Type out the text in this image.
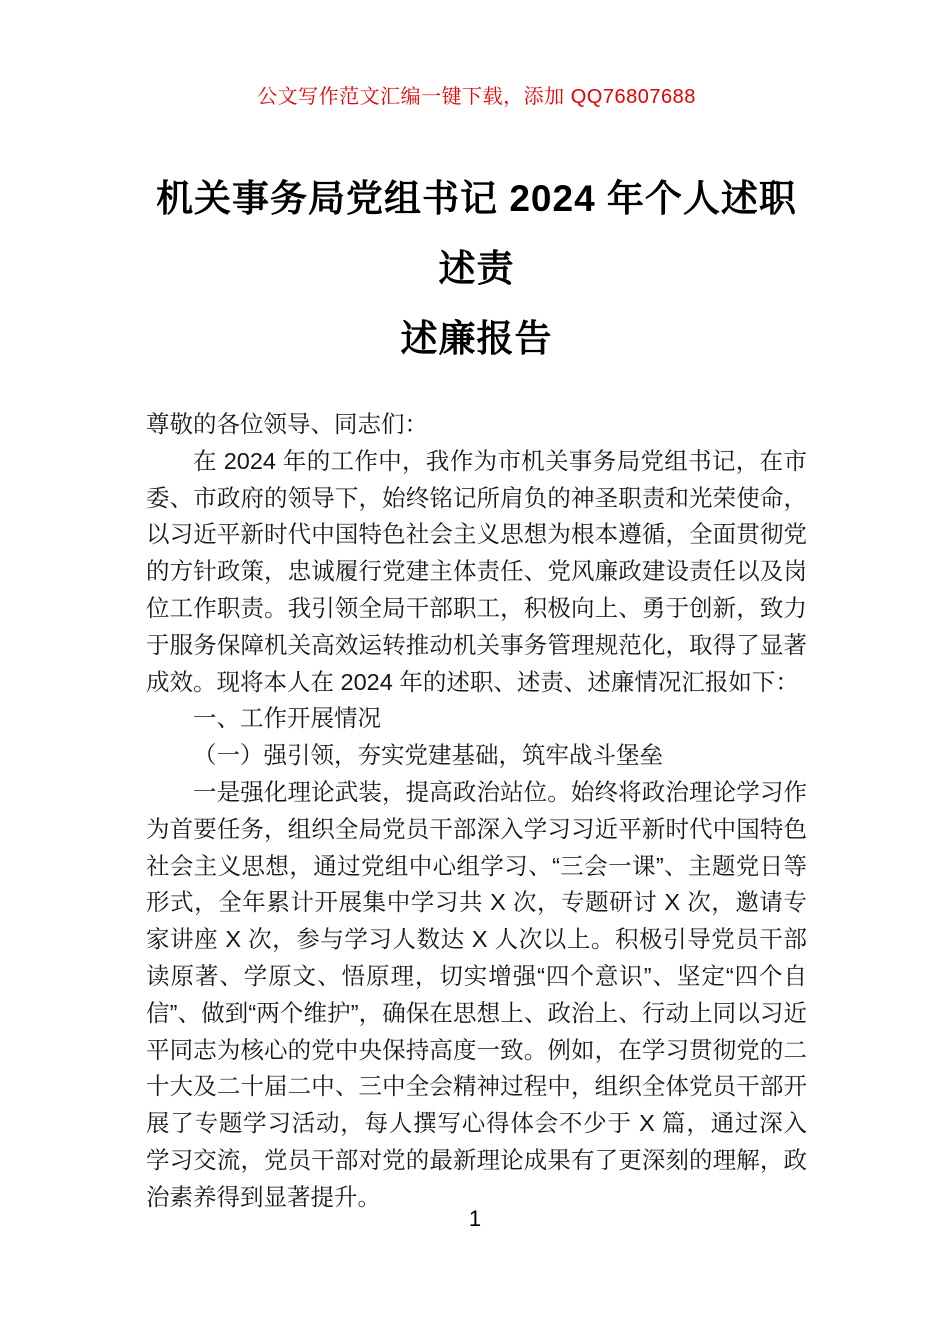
公文写作范文汇编一键下载，添加 QQ76807688
机关事务局党组书记 2024 年个人述职述责
述廉报告

尊敬的各位领导、同志们：

在 2024 年的工作中，我作为市机关事务局党组书记，在市委、市政府的领导下，始终铭记所肩负的神圣职责和光荣使命，以习近平新时代中国特色社会主义思想为根本遵循，全面贯彻党的方针政策，忠诚履行党建主体责任、党风廉政建设责任以及岗位工作职责。我引领全局干部职工，积极向上、勇于创新，致力于服务保障机关高效运转推动机关事务管理规范化，取得了显著成效。现将本人在 2024 年的述职、述责、述廉情况汇报如下：

一、工作开展情况

（一）强引领，夯实党建基础，筑牢战斗堡垒

一是强化理论武装，提高政治站位。始终将政治理论学习作为首要任务，组织全局党员干部深入学习习近平新时代中国特色社会主义思想，通过党组中心组学习、“三会一课”、主题党日等形式，全年累计开展集中学习共 X 次，专题研讨 X 次，邀请专家讲座 X 次，参与学习人数达 X 人次以上。积极引导党员干部读原著、学原文、悟原理，切实增强“四个意识”、坚定“四个自信”、做到“两个维护”，确保在思想上、政治上、行动上同以习近平同志为核心的党中央保持高度一致。例如，在学习贯彻党的二十大及二十届二中、三中全会精神过程中，组织全体党员干部开展了专题学习活动，每人撰写心得体会不少于 X 篇，通过深入学习交流，党员干部对党的最新理论成果有了更深刻的理解，政治素养得到显著提升。

1
